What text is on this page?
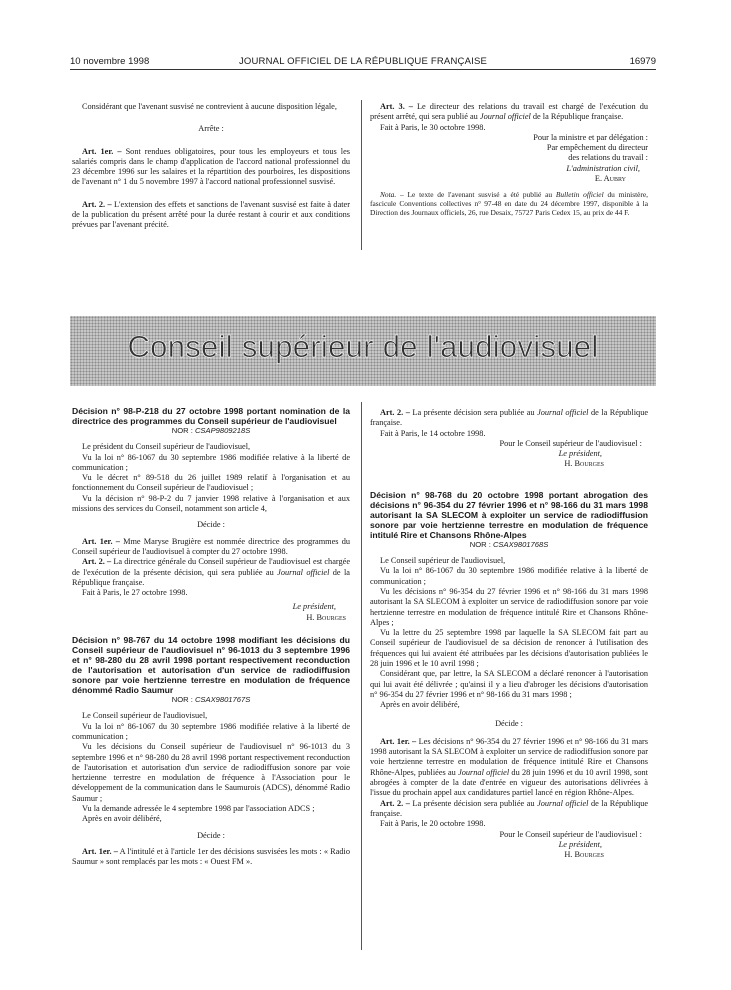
10 novembre 1998	JOURNAL OFFICIEL DE LA RÉPUBLIQUE FRANÇAISE	16979

Considérant que l'avenant susvisé ne contrevient à aucune disposition légale,

Arrête :

Art. 1er. – Sont rendues obligatoires, pour tous les employeurs et tous les salariés compris dans le champ d'application de l'accord national professionnel du 23 décembre 1996 sur les salaires et la répartition des pourboires, les dispositions de l'avenant n° 1 du 5 novembre 1997 à l'accord national professionnel susvisé.

Art. 2. – L'extension des effets et sanctions de l'avenant susvisé est faite à dater de la publication du présent arrêté pour la durée restant à courir et aux conditions prévues par l'avenant précité.

Art. 3. – Le directeur des relations du travail est chargé de l'exécution du présent arrêté, qui sera publié au Journal officiel de la République française.

Fait à Paris, le 30 octobre 1998.

Pour la ministre et par délégation :
Par empêchement du directeur
des relations du travail :
L'administration civil,
E. Aubry

Nota. – Le texte de l'avenant susvisé a été publié au Bulletin officiel du ministère, fascicule Conventions collectives n° 97-48 en date du 24 décembre 1997, disponible à la Direction des Journaux officiels, 26, rue Desaix, 75727 Paris Cedex 15, au prix de 44 F.

Conseil supérieur de l'audiovisuel

Décision n° 98-P-218 du 27 octobre 1998 portant nomination de la directrice des programmes du Conseil supérieur de l'audiovisuel

NOR : CSAP9809218S

Le président du Conseil supérieur de l'audiovisuel,

Vu la loi n° 86-1067 du 30 septembre 1986 modifiée relative à la liberté de communication ;

Vu le décret n° 89-518 du 26 juillet 1989 relatif à l'organisation et au fonctionnement du Conseil supérieur de l'audiovisuel ;

Vu la décision n° 98-P-2 du 7 janvier 1998 relative à l'organisation et aux missions des services du Conseil, notamment son article 4,

Décide :

Art. 1er. – Mme Maryse Brugière est nommée directrice des programmes du Conseil supérieur de l'audiovisuel à compter du 27 octobre 1998.

Art. 2. – La directrice générale du Conseil supérieur de l'audiovisuel est chargée de l'exécution de la présente décision, qui sera publiée au Journal officiel de la République française.

Fait à Paris, le 27 octobre 1998.

Le président,
H. Bourges

Décision n° 98-767 du 14 octobre 1998 modifiant les décisions du Conseil supérieur de l'audiovisuel n° 96-1013 du 3 septembre 1996 et n° 98-280 du 28 avril 1998 portant respectivement reconduction de l'autorisation et autorisation d'un service de radiodiffusion sonore par voie hertzienne terrestre en modulation de fréquence dénommé Radio Saumur

NOR : CSAX9801767S

Le Conseil supérieur de l'audiovisuel,

Vu la loi n° 86-1067 du 30 septembre 1986 modifiée relative à la liberté de communication ;

Vu les décisions du Conseil supérieur de l'audiovisuel n° 96-1013 du 3 septembre 1996 et n° 98-280 du 28 avril 1998 portant respectivement reconduction de l'autorisation et autorisation d'un service de radiodiffusion sonore par voie hertzienne terrestre en modulation de fréquence à l'Association pour le développement de la communication dans le Saumurois (ADCS), dénommé Radio Saumur ;

Vu la demande adressée le 4 septembre 1998 par l'association ADCS ;

Après en avoir délibéré,

Décide :

Art. 1er. – A l'intitulé et à l'article 1er des décisions susvisées les mots : « Radio Saumur » sont remplacés par les mots : « Ouest FM ».

Art. 2. – La présente décision sera publiée au Journal officiel de la République française.

Fait à Paris, le 14 octobre 1998.

Pour le Conseil supérieur de l'audiovisuel :
Le président,
H. Bourges

Décision n° 98-768 du 20 octobre 1998 portant abrogation des décisions n° 96-354 du 27 février 1996 et n° 98-166 du 31 mars 1998 autorisant la SA SLECOM à exploiter un service de radiodiffusion sonore par voie hertzienne terrestre en modulation de fréquence intitulé Rire et Chansons Rhône-Alpes

NOR : CSAX9801768S

Le Conseil supérieur de l'audiovisuel,

Vu la loi n° 86-1067 du 30 septembre 1986 modifiée relative à la liberté de communication ;

Vu les décisions n° 96-354 du 27 février 1996 et n° 98-166 du 31 mars 1998 autorisant la SA SLECOM à exploiter un service de radiodiffusion sonore par voie hertzienne terrestre en modulation de fréquence intitulé Rire et Chansons Rhône-Alpes ;

Vu la lettre du 25 septembre 1998 par laquelle la SA SLECOM fait part au Conseil supérieur de l'audiovisuel de sa décision de renoncer à l'utilisation des fréquences qui lui avaient été attribuées par les décisions d'autorisation publiées le 28 juin 1996 et le 10 avril 1998 ;

Considérant que, par lettre, la SA SLECOM a déclaré renoncer à l'autorisation qui lui avait été délivrée ; qu'ainsi il y a lieu d'abroger les décisions d'autorisation n° 96-354 du 27 février 1996 et n° 98-166 du 31 mars 1998 ;

Après en avoir délibéré,

Décide :

Art. 1er. – Les décisions n° 96-354 du 27 février 1996 et n° 98-166 du 31 mars 1998 autorisant la SA SLECOM à exploiter un service de radiodiffusion sonore par voie hertzienne terrestre en modulation de fréquence intitulé Rire et Chansons Rhône-Alpes, publiées au Journal officiel du 28 juin 1996 et du 10 avril 1998, sont abrogées à compter de la date d'entrée en vigueur des autorisations délivrées à l'issue du prochain appel aux candidatures partiel lancé en région Rhône-Alpes.

Art. 2. – La présente décision sera publiée au Journal officiel de la République française.

Fait à Paris, le 20 octobre 1998.

Pour le Conseil supérieur de l'audiovisuel :
Le président,
H. Bourges
